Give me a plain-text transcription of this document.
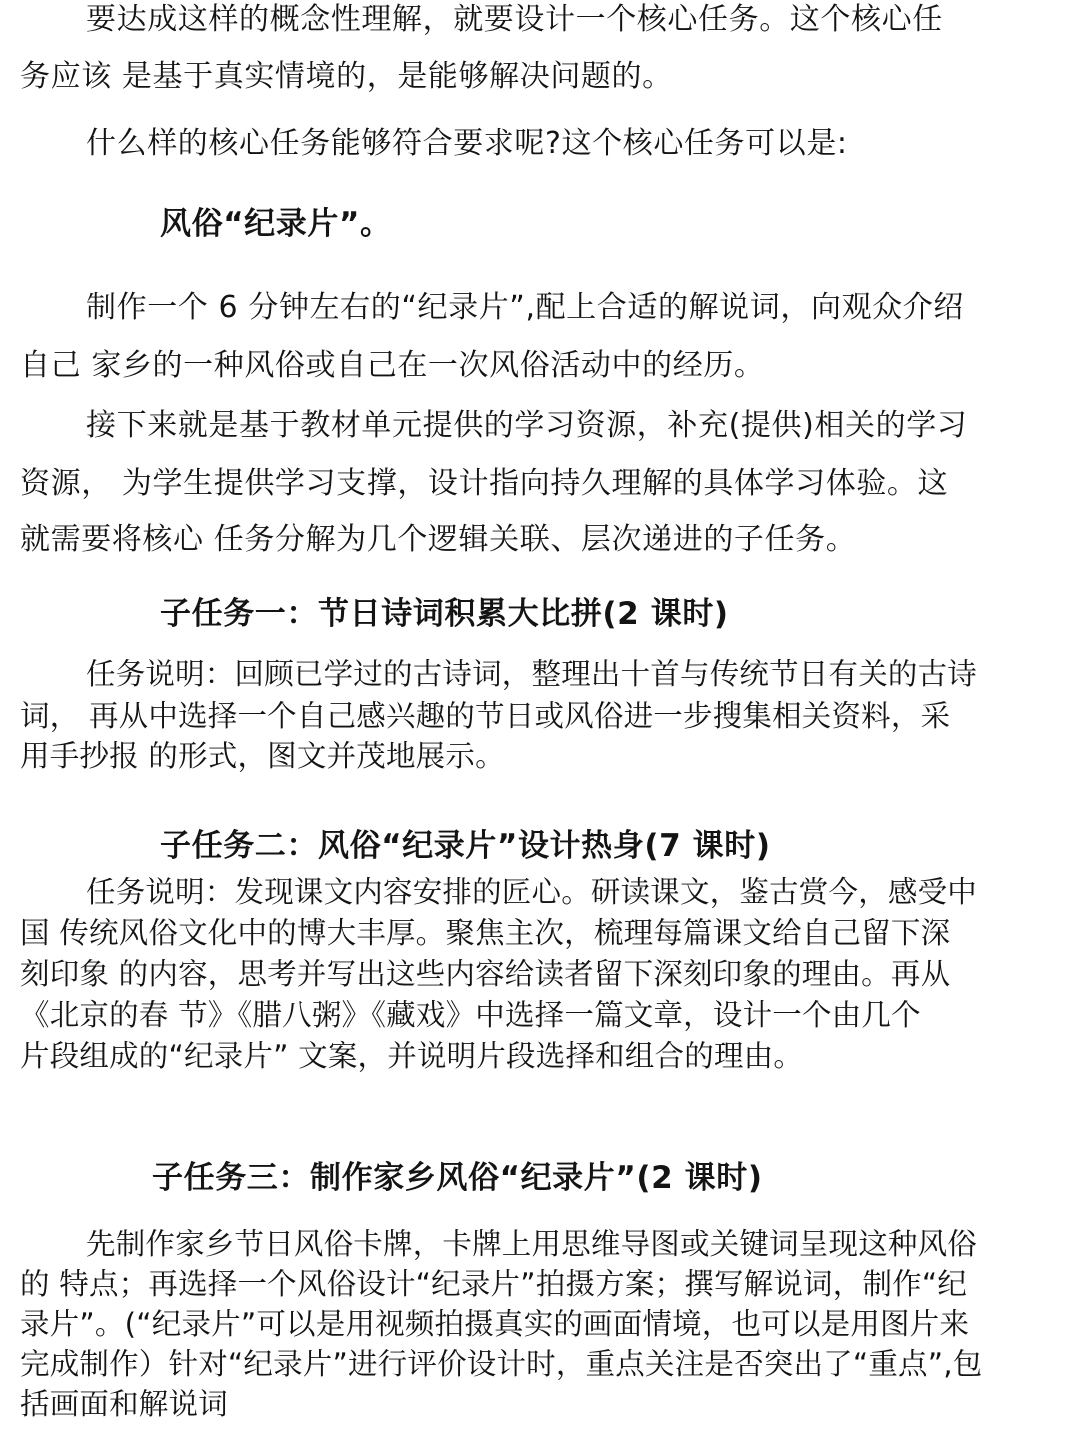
要达成这样的概念性理解，就要设计一个核心任务。这个核心任
务应该 是基于真实情境的，是能够解决问题的。
什么样的核心任务能够符合要求呢?这个核心任务可以是:
风俗“纪录片”。
制作一个 6 分钟左右的“纪录片”,配上合适的解说词，向观众介绍
自己 家乡的一种风俗或自己在一次风俗活动中的经历。
接下来就是基于教材单元提供的学习资源，补充(提供)相关的学习
资源， 为学生提供学习支撑，设计指向持久理解的具体学习体验。这
就需要将核心 任务分解为几个逻辑关联、层次递进的子任务。
子任务一：节日诗词积累大比拼(2 课时)
任务说明：回顾已学过的古诗词，整理出十首与传统节日有关的古诗
词， 再从中选择一个自己感兴趣的节日或风俗进一步搜集相关资料，采
用手抄报 的形式，图文并茂地展示。
子任务二：风俗“纪录片”设计热身(7 课时)
任务说明：发现课文内容安排的匠心。研读课文，鉴古赏今，感受中
国 传统风俗文化中的博大丰厚。聚焦主次，梳理每篇课文给自己留下深
刻印象 的内容，思考并写出这些内容给读者留下深刻印象的理由。再从
《北京的春 节》《腊八粥》《藏戏》中选择一篇文章，设计一个由几个
片段组成的“纪录片” 文案，并说明片段选择和组合的理由。
子任务三：制作家乡风俗“纪录片”(2 课时)
先制作家乡节日风俗卡牌，卡牌上用思维导图或关键词呈现这种风俗
的 特点；再选择一个风俗设计“纪录片”拍摄方案；撰写解说词，制作“纪
录片”。(“纪录片”可以是用视频拍摄真实的画面情境，也可以是用图片来
完成制作）针对“纪录片”进行评价设计时，重点关注是否突出了“重点”,包
括画面和解说词
